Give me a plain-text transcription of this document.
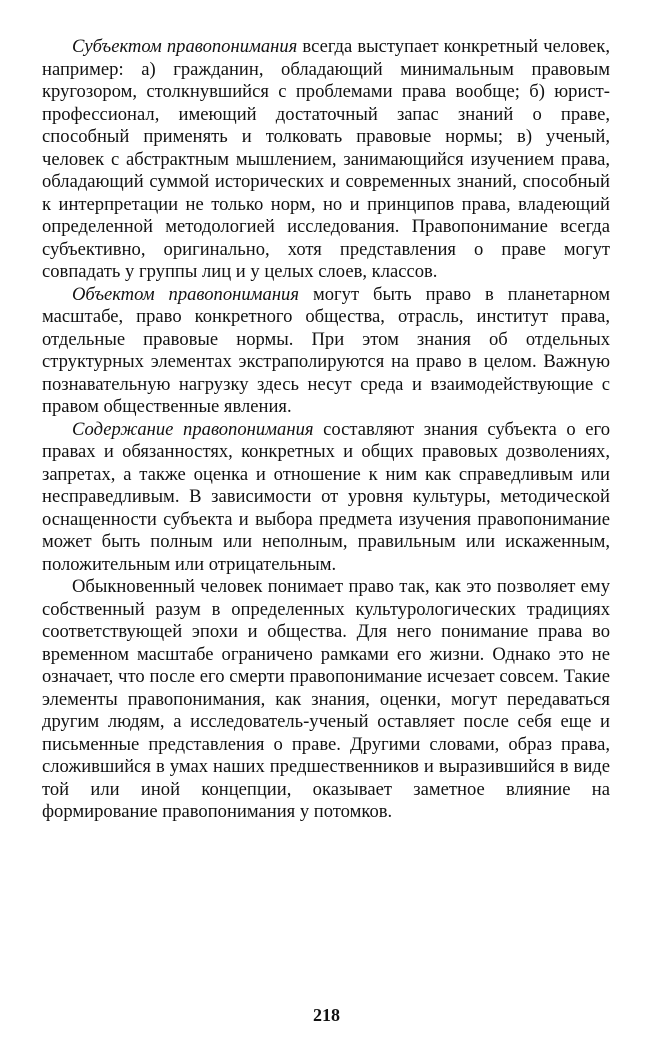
Субъектом правопонимания всегда выступает конкретный человек, например: а) гражданин, обладающий минимальным правовым кругозором, столкнувшийся с проблемами права вообще; б) юрист-профессионал, имеющий достаточный запас знаний о праве, способный применять и толковать правовые нормы; в) ученый, человек с абстрактным мышлением, занимающийся изучением права, обладающий суммой исторических и современных знаний, способный к интерпретации не только норм, но и принципов права, владеющий определенной методологией исследования. Правопонимание всегда субъективно, оригинально, хотя представления о праве могут совпадать у группы лиц и у целых слоев, классов.

Объектом правопонимания могут быть право в планетарном масштабе, право конкретного общества, отрасль, институт права, отдельные правовые нормы. При этом знания об отдельных структурных элементах экстраполируются на право в целом. Важную познавательную нагрузку здесь несут среда и взаимодействующие с правом общественные явления.

Содержание правопонимания составляют знания субъекта о его правах и обязанностях, конкретных и общих правовых дозволениях, запретах, а также оценка и отношение к ним как справедливым или несправедливым. В зависимости от уровня культуры, методической оснащенности субъекта и выбора предмета изучения правопонимание может быть полным или неполным, правильным или искаженным, положительным или отрицательным.

Обыкновенный человек понимает право так, как это позволяет ему собственный разум в определенных культурологических традициях соответствующей эпохи и общества. Для него понимание права во временном масштабе ограничено рамками его жизни. Однако это не означает, что после его смерти правопонимание исчезает совсем. Такие элементы правопонимания, как знания, оценки, могут передаваться другим людям, а исследователь-ученый оставляет после себя еще и письменные представления о праве. Другими словами, образ права, сложившийся в умах наших предшественников и выразившийся в виде той или иной концепции, оказывает заметное влияние на формирование правопонимания у потомков.

218
